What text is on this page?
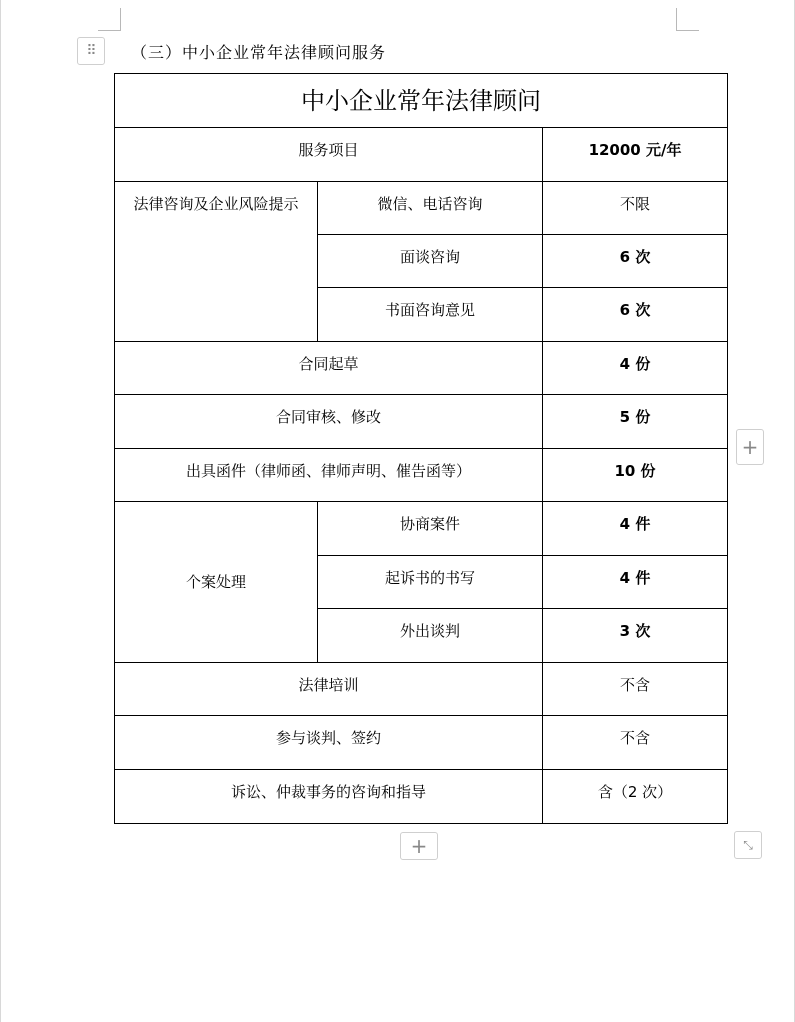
⠿	（三）中小企业常年法律顾问服务
中小企业常年法律顾问		

服务项目		12000 元/年

法律咨询及企业风险提示	微信、电话咨询	不限

	面谈咨询	6 次

	书面咨询意见	6 次

合同起草		4 份

合同审核、修改		5 份

出具函件（律师函、律师声明、催告函等）		10 份

个案处理	协商案件	4 件

	起诉书的书写	4 件

	外出谈判	3 次

法律培训		不含

参与谈判、签约		不含

诉讼、仲裁事务的咨询和指导		含（2 次）
+
+	⤡
